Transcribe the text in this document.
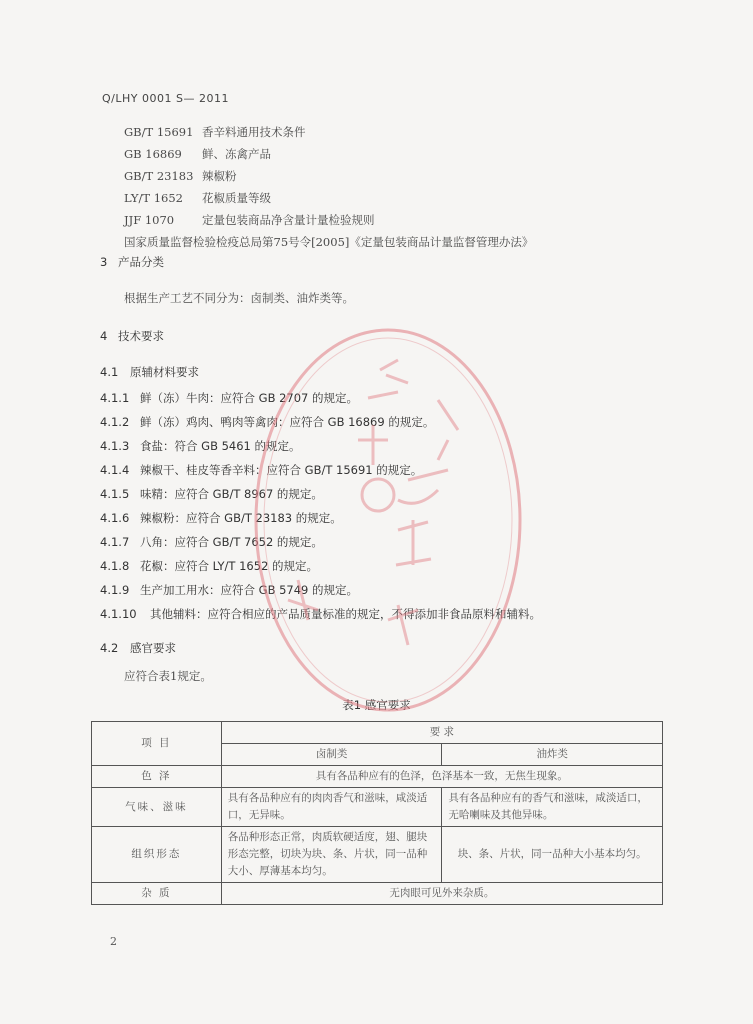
Q/LHY 0001 S— 2011
GB/T 15691 香辛料通用技术条件
GB 16869 鲜、冻禽产品
GB/T 23183 辣椒粉
LY/T 1652 花椒质量等级
JJF 1070 定量包装商品净含量计量检验规则
国家质量监督检验检疫总局第75号令[2005]《定量包装商品计量监督管理办法》
3 产品分类
根据生产工艺不同分为：卤制类、油炸类等。
4 技术要求
4.1 原辅材料要求
4.1.1 鲜（冻）牛肉：应符合 GB 2707 的规定。
4.1.2 鲜（冻）鸡肉、鸭肉等禽肉：应符合 GB 16869 的规定。
4.1.3 食盐：符合 GB 5461 的规定。
4.1.4 辣椒干、桂皮等香辛料：应符合 GB/T 15691 的规定。
4.1.5 味精：应符合 GB/T 8967 的规定。
4.1.6 辣椒粉：应符合 GB/T 23183 的规定。
4.1.7 八角：应符合 GB/T 7652 的规定。
4.1.8 花椒：应符合 LY/T 1652 的规定。
4.1.9 生产加工用水：应符合 GB 5749 的规定。
4.1.10 其他辅料：应符合相应的产品质量标准的规定，不得添加非食品原料和辅料。
4.2 感官要求
应符合表1规定。
表1 感官要求
项 目	要 求	
	卤制类	油炸类
色 泽	具有各品种应有的色泽，色泽基本一致，无焦生现象。	
气味、滋味	具有各品种应有的肉肉香气和滋味，咸淡适口，无异味。	具有各品种应有的香气和滋味，咸淡适口，无哈喇味及其他异味。
组织形态	各品种形态正常，肉质软硬适度，翅、腿块形态完整，切块为块、条、片状，同一品种大小、厚薄基本均匀。	块、条、片状，同一品种大小基本均匀。
杂 质	无肉眼可见外来杂质。	
2
